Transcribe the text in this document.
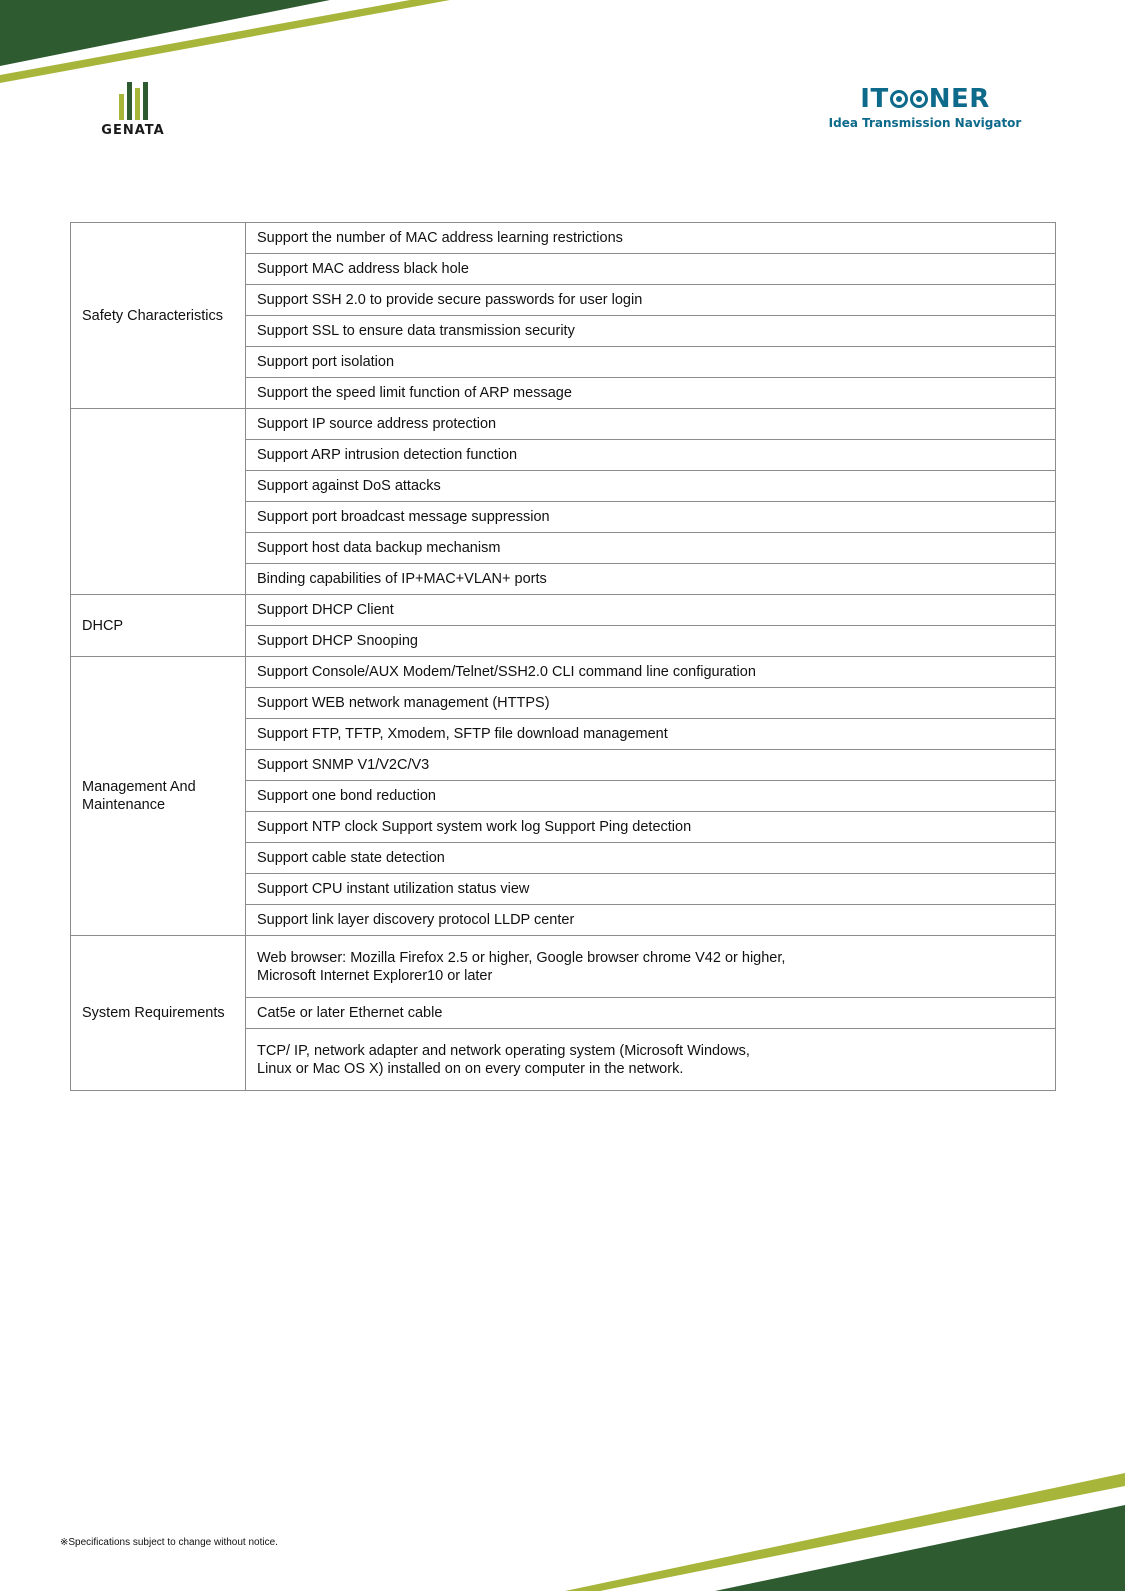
GENATA
IT NER
Idea Transmission Navigator
Safety Characteristics	Support the number of MAC address learning restrictions
	Support MAC address black hole
	Support SSH 2.0 to provide secure passwords for user login
	Support SSL to ensure data transmission security
	Support port isolation
	Support the speed limit function of ARP message
	Support IP source address protection
	Support ARP intrusion detection function
	Support against DoS attacks
	Support port broadcast message suppression
	Support host data backup mechanism
	Binding capabilities of IP+MAC+VLAN+ ports
DHCP	Support DHCP Client
	Support DHCP Snooping
Management And Maintenance	Support Console/AUX Modem/Telnet/SSH2.0 CLI command line configuration
	Support WEB network management (HTTPS)
	Support FTP, TFTP, Xmodem, SFTP file download management
	Support SNMP V1/V2C/V3
	Support one bond reduction
	Support NTP clock Support system work log Support Ping detection
	Support cable state detection
	Support CPU instant utilization status view
	Support link layer discovery protocol LLDP center
System Requirements	Web browser: Mozilla Firefox 2.5 or higher, Google browser chrome V42 or higher,
Microsoft Internet Explorer10 or later
	Cat5e or later Ethernet cable
	TCP/ IP, network adapter and network operating system (Microsoft Windows,
Linux or Mac OS X) installed on on every computer in the network.
※Specifications subject to change without notice.
